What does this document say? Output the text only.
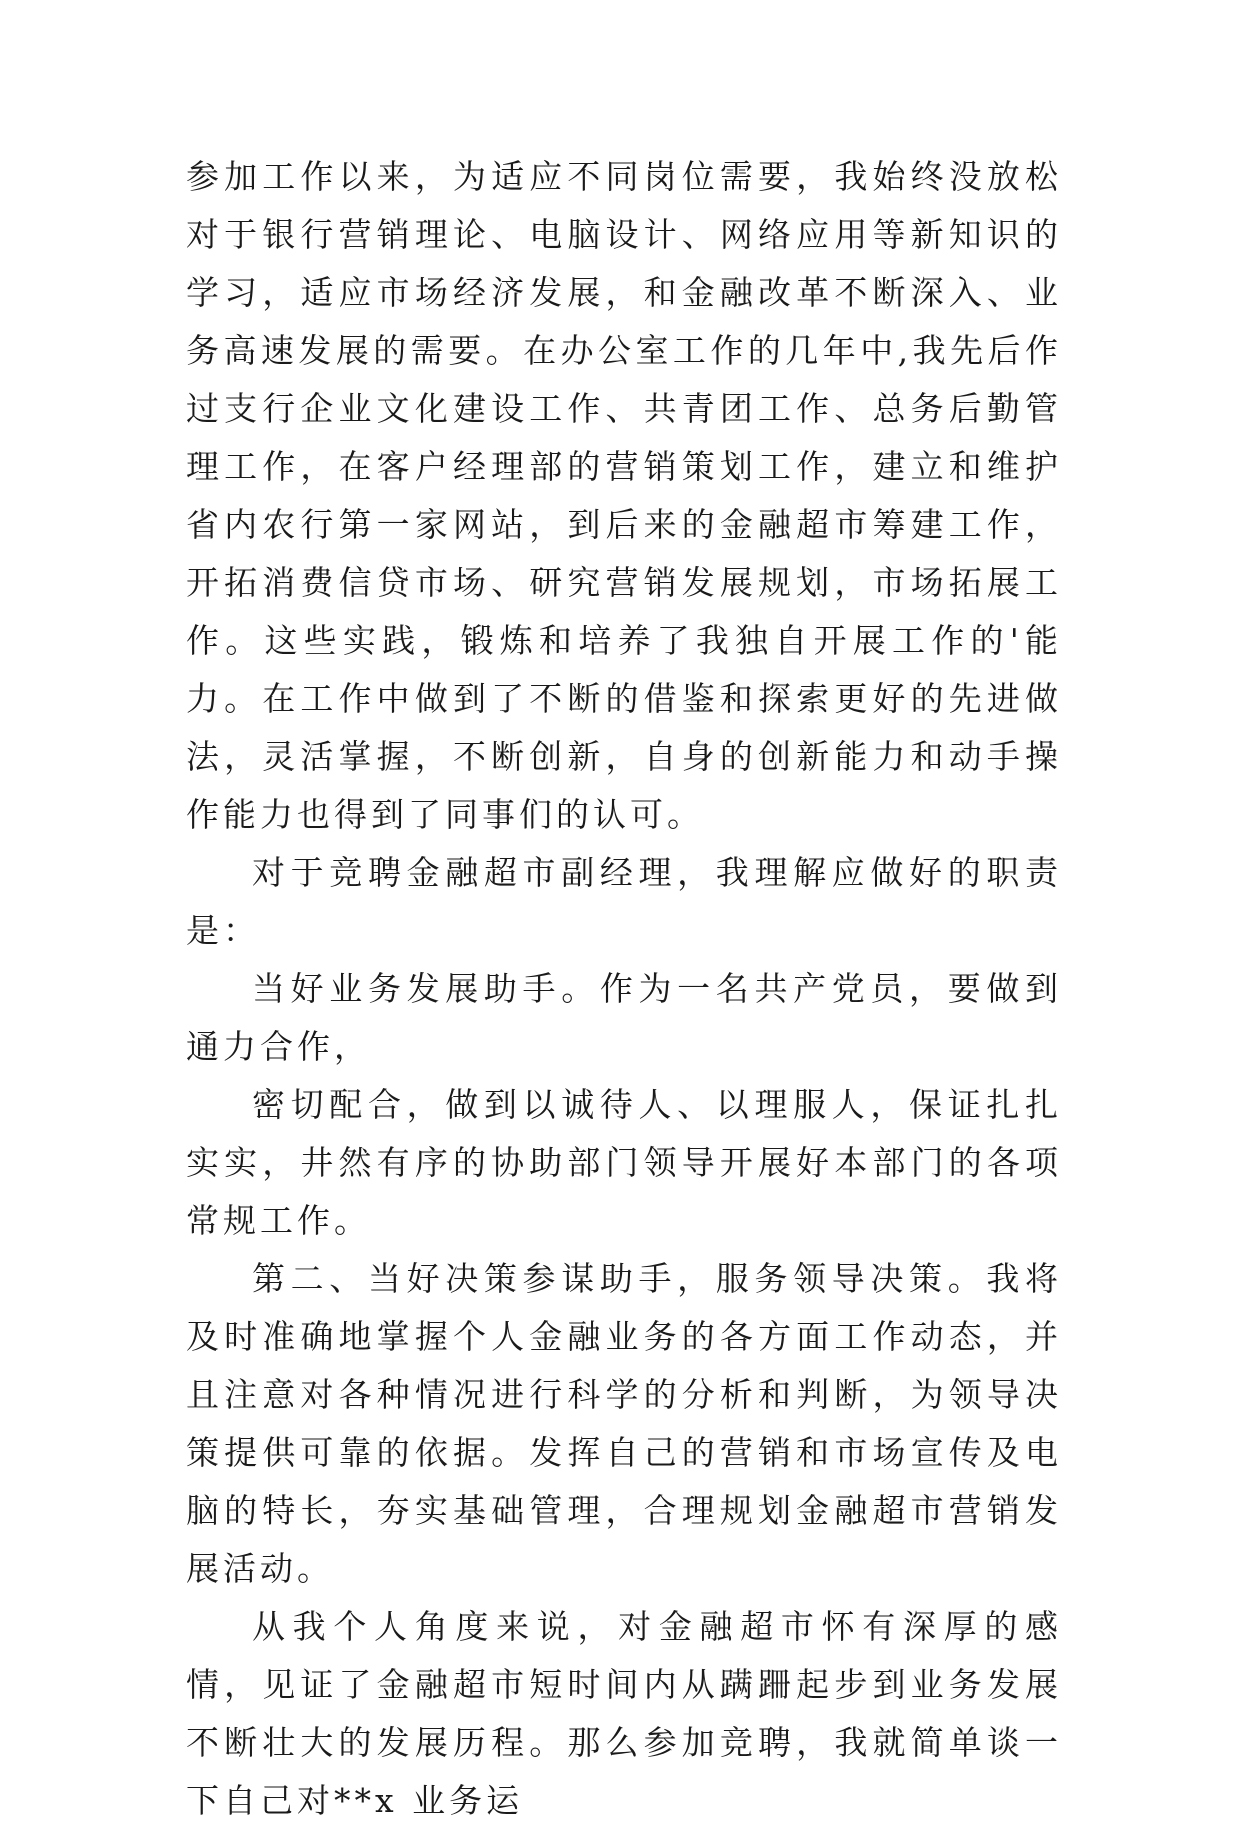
参加工作以来，为适应不同岗位需要，我始终没放松对于银行营销理论、电脑设计、网络应用等新知识的学习，适应市场经济发展，和金融改革不断深入、业务高速发展的需要。在办公室工作的几年中,我先后作过支行企业文化建设工作、共青团工作、总务后勤管理工作，在客户经理部的营销策划工作，建立和维护省内农行第一家网站，到后来的金融超市筹建工作，开拓消费信贷市场、研究营销发展规划，市场拓展工作。这些实践，锻炼和培养了我独自开展工作的'能力。在工作中做到了不断的借鉴和探索更好的先进做法，灵活掌握，不断创新，自身的创新能力和动手操作能力也得到了同事们的认可。

对于竞聘金融超市副经理，我理解应做好的职责是：

当好业务发展助手。作为一名共产党员，要做到通力合作，

密切配合，做到以诚待人、以理服人，保证扎扎实实，井然有序的协助部门领导开展好本部门的各项常规工作。

第二、当好决策参谋助手，服务领导决策。我将及时准确地掌握个人金融业务的各方面工作动态，并且注意对各种情况进行科学的分析和判断，为领导决策提供可靠的依据。发挥自己的营销和市场宣传及电脑的特长，夯实基础管理，合理规划金融超市营销发展活动。

从我个人角度来说，对金融超市怀有深厚的感情，见证了金融超市短时间内从蹒跚起步到业务发展不断壮大的发展历程。那么参加竞聘，我就简单谈一下自己对**x 业务运
